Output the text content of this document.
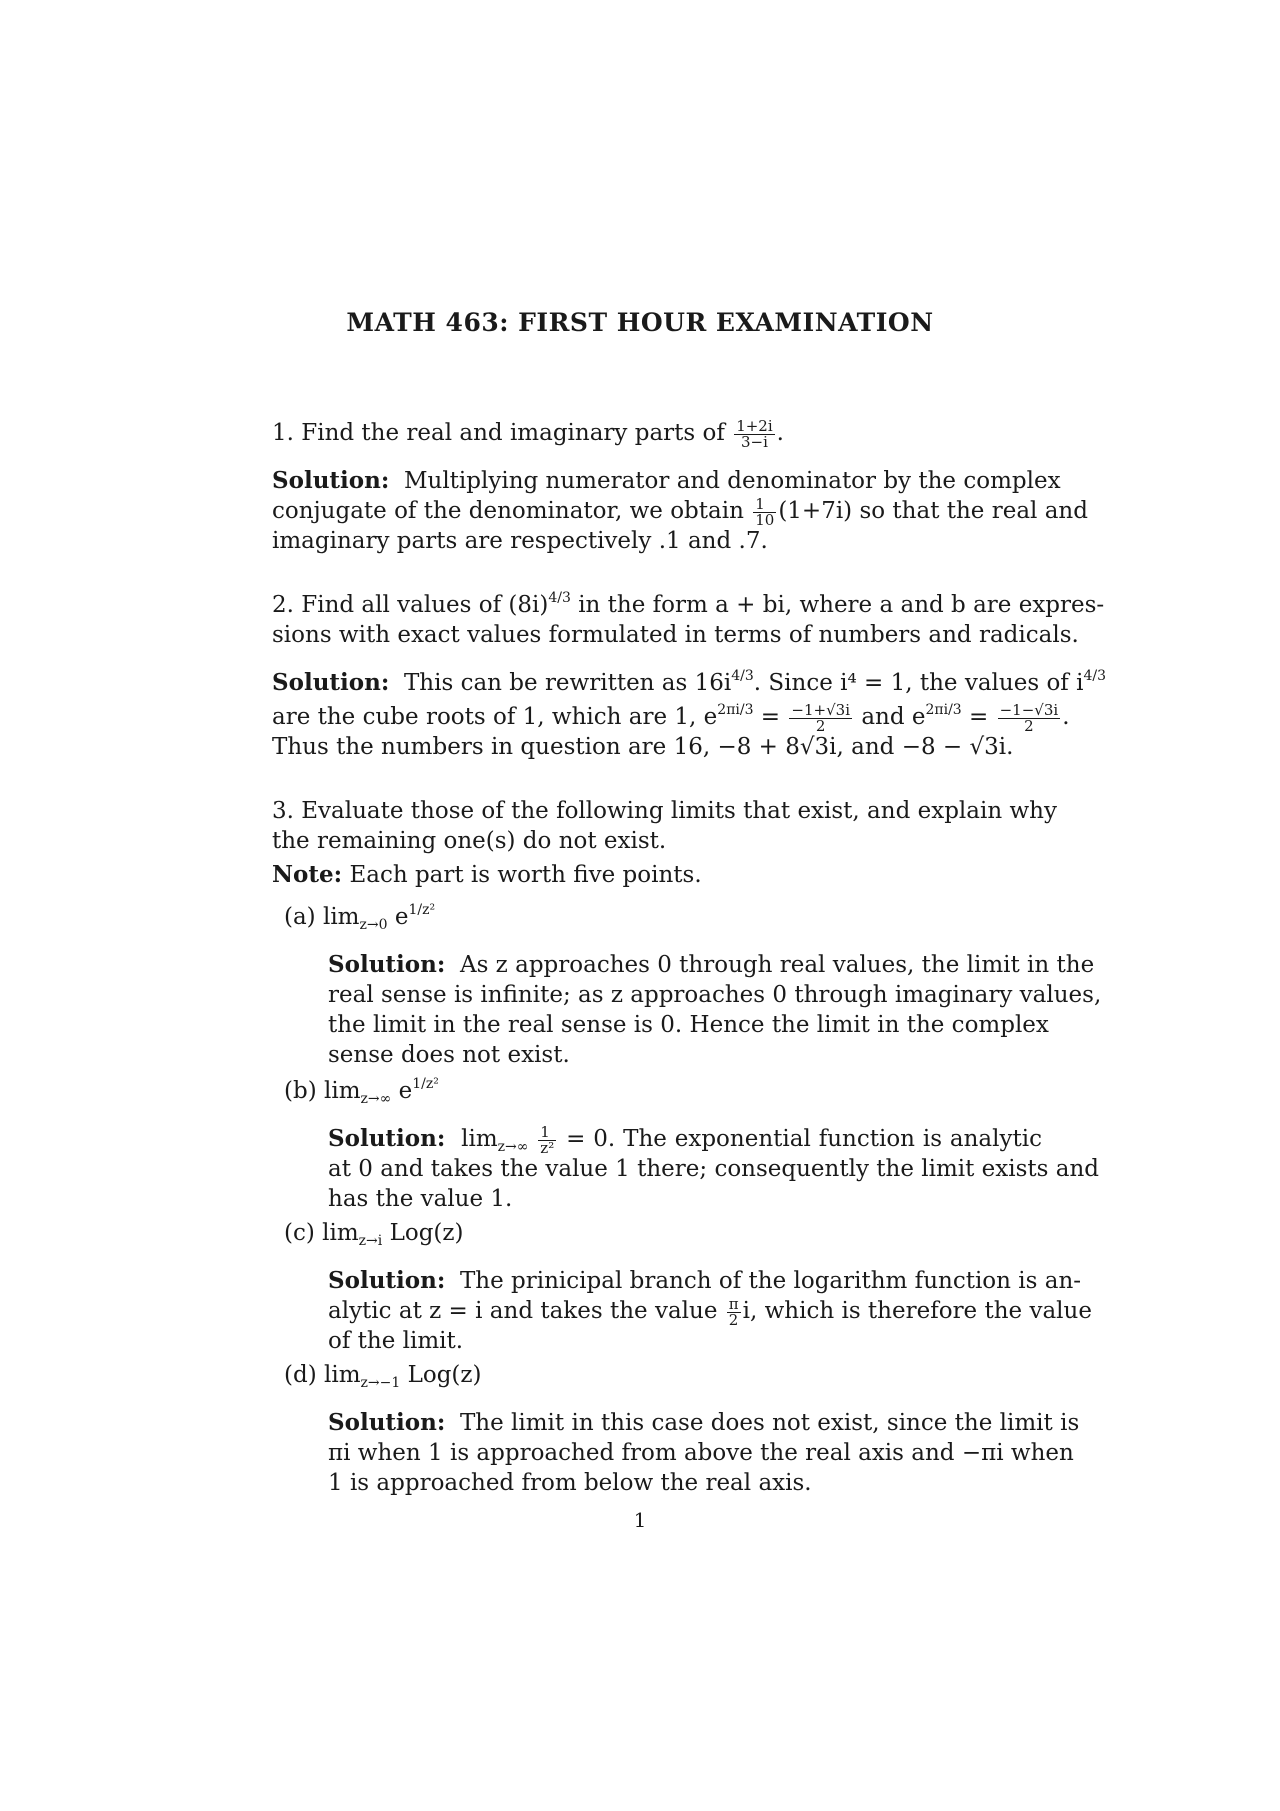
MATH 463: FIRST HOUR EXAMINATION
1. Find the real and imaginary parts of $\frac{1+2i}{3-i}$ .
Solution: Multiplying numerator and denominator by the complex
conjugate of the denominator, we obtain $\frac{1}{10} (1+7i)$ so that the real and
imaginary parts are respectively .1 and .7.
2. Find all values of $(8i)^{4/3}$ in the form a + bi, where a and b are expres-
sions with exact values formulated in terms of numbers and radicals.
Solution: This can be rewritten as $16i^{4/3}$. Since i⁴ = 1, the values of $i^{4/3}$
are the cube roots of 1, which are 1, $e^{2\pi i/3} = \frac{-1+√3i}{2}$ and $e^{2\pi i/3} = \frac{-1-√3i}{2}$ .
Thus the numbers in question are 16, −8 + 8√3i, and −8 − √3i.
3. Evaluate those of the following limits that exist, and explain why
the remaining one(s) do not exist.
Note: Each part is worth five points.
(a) $\lim_{z\to 0} e^{1/z^2}$
Solution: As z approaches 0 through real values, the limit in the
real sense is infinite; as z approaches 0 through imaginary values,
the limit in the real sense is 0. Hence the limit in the complex
sense does not exist.
(b) $\lim_{z\to\infty} e^{1/z^2}$
Solution:  $\lim_{z\to\infty} \frac{1}{\text{z²}} = 0$. The exponential function is analytic
at 0 and takes the value 1 there; consequently the limit exists and
has the value 1.
(c) $\lim_{z\to i} Log(z)$
Solution: The prinicipal branch of the logarithm function is an-
alytic at z = i and takes the value $\frac{\pi}{2} i$, which is therefore the value
of the limit.
(d) $\lim_{z\to-1} Log(z)$
Solution: The limit in this case does not exist, since the limit is
πi when 1 is approached from above the real axis and −πi when
1 is approached from below the real axis.
1
